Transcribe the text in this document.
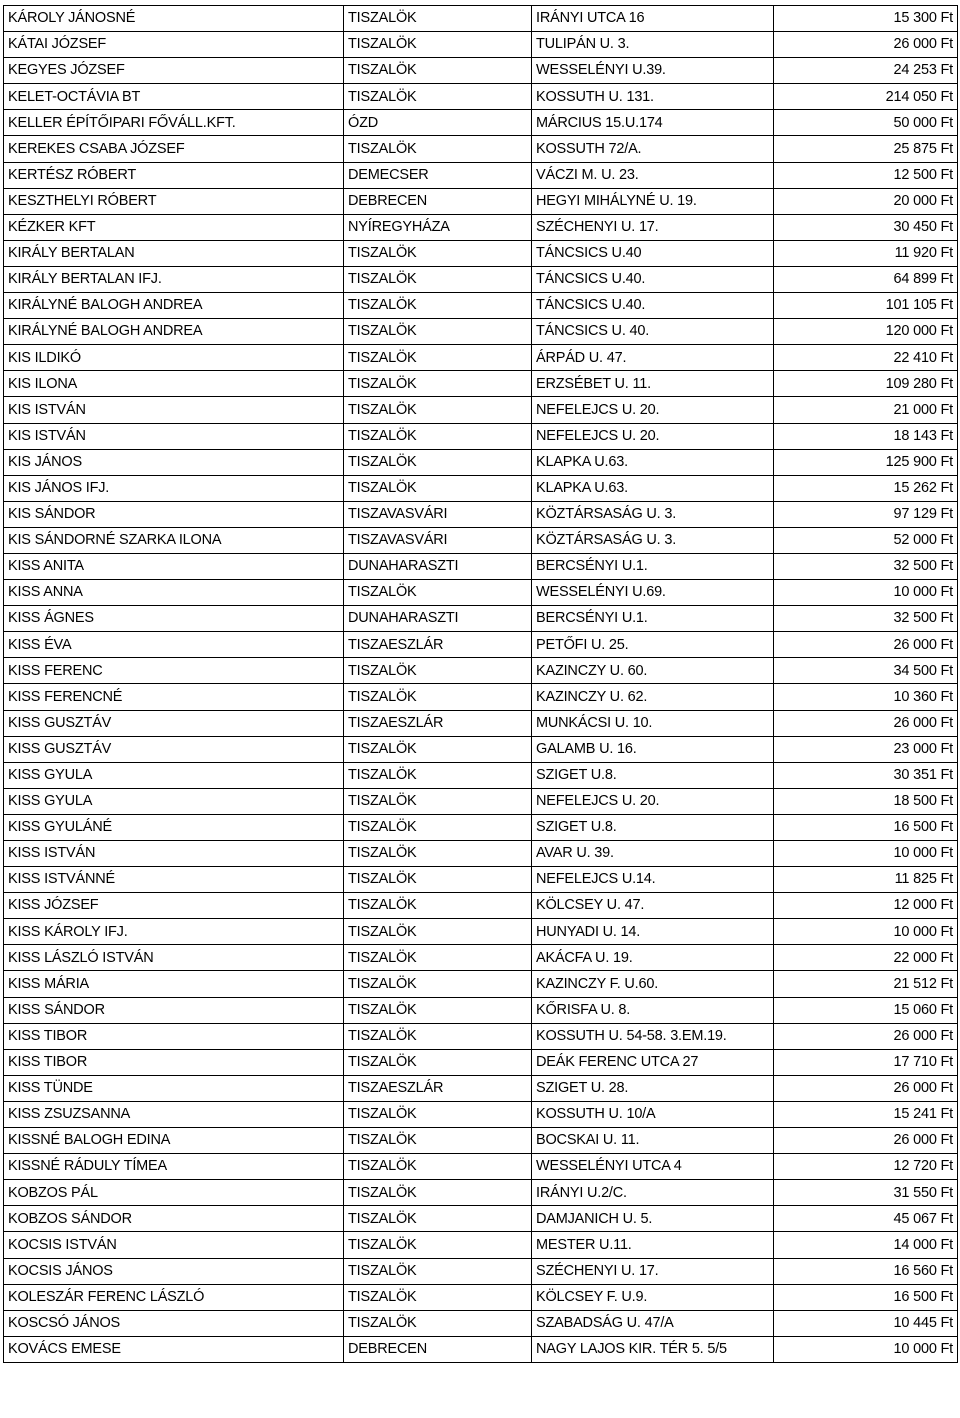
KÁROLY JÁNOSNÉ	TISZALÖK	IRÁNYI UTCA 16	15 300 Ft
KÁTAI JÓZSEF	TISZALÖK	TULIPÁN U. 3.	26 000 Ft
KEGYES JÓZSEF	TISZALÖK	WESSELÉNYI U.39.	24 253 Ft
KELET-OCTÁVIA BT	TISZALÖK	KOSSUTH U. 131.	214 050 Ft
KELLER ÉPÍTŐIPARI FŐVÁLL.KFT.	ÓZD	MÁRCIUS 15.U.174	50 000 Ft
KEREKES CSABA JÓZSEF	TISZALÖK	KOSSUTH 72/A.	25 875 Ft
KERTÉSZ RÓBERT	DEMECSER	VÁCZI M. U. 23.	12 500 Ft
KESZTHELYI RÓBERT	DEBRECEN	HEGYI MIHÁLYNÉ U. 19.	20 000 Ft
KÉZKER KFT	NYÍREGYHÁZA	SZÉCHENYI U. 17.	30 450 Ft
KIRÁLY BERTALAN	TISZALÖK	TÁNCSICS U.40	11 920 Ft
KIRÁLY BERTALAN IFJ.	TISZALÖK	TÁNCSICS U.40.	64 899 Ft
KIRÁLYNÉ BALOGH ANDREA	TISZALÖK	TÁNCSICS U.40.	101 105 Ft
KIRÁLYNÉ BALOGH ANDREA	TISZALÖK	TÁNCSICS U. 40.	120 000 Ft
KIS ILDIKÓ	TISZALÖK	ÁRPÁD U. 47.	22 410 Ft
KIS ILONA	TISZALÖK	ERZSÉBET U. 11.	109 280 Ft
KIS ISTVÁN	TISZALÖK	NEFELEJCS U. 20.	21 000 Ft
KIS ISTVÁN	TISZALÖK	NEFELEJCS U. 20.	18 143 Ft
KIS JÁNOS	TISZALÖK	KLAPKA U.63.	125 900 Ft
KIS JÁNOS IFJ.	TISZALÖK	KLAPKA U.63.	15 262 Ft
KIS SÁNDOR	TISZAVASVÁRI	KÖZTÁRSASÁG U. 3.	97 129 Ft
KIS SÁNDORNÉ SZARKA ILONA	TISZAVASVÁRI	KÖZTÁRSASÁG U. 3.	52 000 Ft
KISS ANITA	DUNAHARASZTI	BERCSÉNYI U.1.	32 500 Ft
KISS ANNA	TISZALÖK	WESSELÉNYI U.69.	10 000 Ft
KISS ÁGNES	DUNAHARASZTI	BERCSÉNYI U.1.	32 500 Ft
KISS ÉVA	TISZAESZLÁR	PETŐFI U. 25.	26 000 Ft
KISS FERENC	TISZALÖK	KAZINCZY U. 60.	34 500 Ft
KISS FERENCNÉ	TISZALÖK	KAZINCZY U. 62.	10 360 Ft
KISS GUSZTÁV	TISZAESZLÁR	MUNKÁCSI U. 10.	26 000 Ft
KISS GUSZTÁV	TISZALÖK	GALAMB U. 16.	23 000 Ft
KISS GYULA	TISZALÖK	SZIGET U.8.	30 351 Ft
KISS GYULA	TISZALÖK	NEFELEJCS U. 20.	18 500 Ft
KISS GYULÁNÉ	TISZALÖK	SZIGET U.8.	16 500 Ft
KISS ISTVÁN	TISZALÖK	AVAR U. 39.	10 000 Ft
KISS ISTVÁNNÉ	TISZALÖK	NEFELEJCS U.14.	11 825 Ft
KISS JÓZSEF	TISZALÖK	KÖLCSEY U. 47.	12 000 Ft
KISS KÁROLY IFJ.	TISZALÖK	HUNYADI U. 14.	10 000 Ft
KISS LÁSZLÓ ISTVÁN	TISZALÖK	AKÁCFA U. 19.	22 000 Ft
KISS MÁRIA	TISZALÖK	KAZINCZY F. U.60.	21 512 Ft
KISS SÁNDOR	TISZALÖK	KŐRISFA U. 8.	15 060 Ft
KISS TIBOR	TISZALÖK	KOSSUTH U. 54-58. 3.EM.19.	26 000 Ft
KISS TIBOR	TISZALÖK	DEÁK FERENC UTCA 27	17 710 Ft
KISS TÜNDE	TISZAESZLÁR	SZIGET U. 28.	26 000 Ft
KISS ZSUZSANNA	TISZALÖK	KOSSUTH U. 10/A	15 241 Ft
KISSNÉ BALOGH EDINA	TISZALÖK	BOCSKAI U. 11.	26 000 Ft
KISSNÉ RÁDULY TÍMEA	TISZALÖK	WESSELÉNYI UTCA 4	12 720 Ft
KOBZOS PÁL	TISZALÖK	IRÁNYI U.2/C.	31 550 Ft
KOBZOS SÁNDOR	TISZALÖK	DAMJANICH U. 5.	45 067 Ft
KOCSIS ISTVÁN	TISZALÖK	MESTER U.11.	14 000 Ft
KOCSIS JÁNOS	TISZALÖK	SZÉCHENYI U. 17.	16 560 Ft
KOLESZÁR FERENC LÁSZLÓ	TISZALÖK	KÖLCSEY F. U.9.	16 500 Ft
KOSCSÓ JÁNOS	TISZALÖK	SZABADSÁG U. 47/A	10 445 Ft
KOVÁCS EMESE	DEBRECEN	NAGY LAJOS KIR. TÉR 5. 5/5	10 000 Ft
